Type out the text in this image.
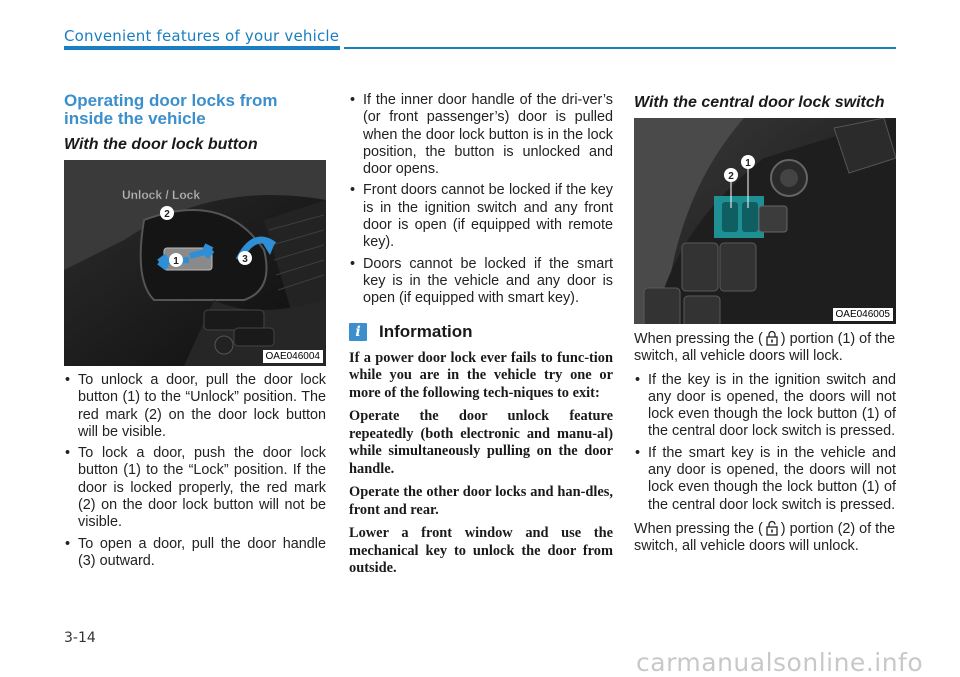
Convenient features of your vehicle
Operating door locks from inside the vehicle
With the door lock button
Unlock / Lock
1
2
3
OAE046004
• To unlock a door, pull the door lock button (1) to the “Unlock” position. The red mark (2) on the door lock button will be visible.
• To lock a door, push the door lock button (1) to the “Lock” position. If the door is locked properly, the red mark (2) on the door lock button will not be visible.
• To open a door, pull the door handle (3) outward.
• If the inner door handle of the dri-ver’s (or front passenger’s) door is pulled when the door lock button is in the lock position, the button is unlocked and door opens.
• Front doors cannot be locked if the key is in the ignition switch and any front door is open (if equipped with remote key).
• Doors cannot be locked if the smart key is in the vehicle and any door is open (if equipped with smart key).
i	Information

If a power door lock ever fails to func-tion while you are in the vehicle try one or more of the following tech-niques to exit:

Operate the door unlock feature repeatedly (both electronic and manu-al) while simultaneously pulling on the door handle.

Operate the other door locks and han-dles, front and rear.

Lower a front window and use the mechanical key to unlock the door from outside.

With the central door lock switch
2
1
OAE046005

When pressing the ( ) portion (1) of the switch, all vehicle doors will lock.

• If the key is in the ignition switch and any door is opened, the doors will not lock even though the lock button (1) of the central door lock switch is pressed.
• If the smart key is in the vehicle and any door is opened, the doors will not lock even though the lock button (1) of the central door lock switch is pressed.

When pressing the ( ) portion (2) of the switch, all vehicle doors will unlock.

3-14
carmanualsonline.info
